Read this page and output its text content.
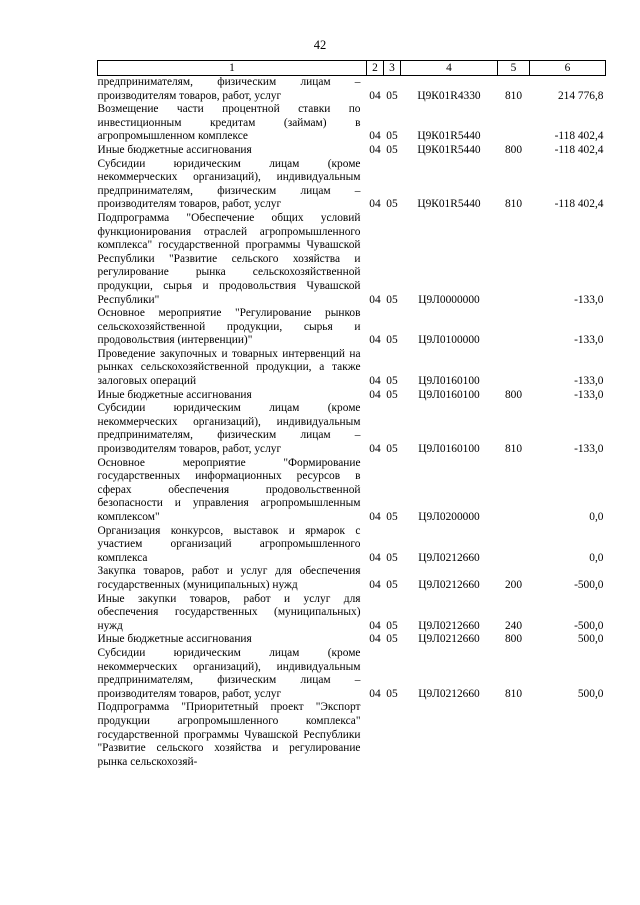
42
1	2	3	4	5	6
предпринимателям, физическим лицам – производителям товаров, работ, услуг	04	05	Ц9К01R4330	810	214 776,8
Возмещение части процентной ставки по инвестиционным кредитам (займам) в агропромышленном комплексе	04	05	Ц9К01R5440		-118 402,4
Иные бюджетные ассигнования	04	05	Ц9К01R5440	800	-118 402,4
Субсидии юридическим лицам (кроме некоммерческих организаций), индивидуальным предпринимателям, физическим лицам – производителям товаров, работ, услуг	04	05	Ц9К01R5440	810	-118 402,4
Подпрограмма "Обеспечение общих условий функционирования отраслей агропромышленного комплекса" государственной программы Чувашской Республики "Развитие сельского хозяйства и регулирование рынка сельскохозяйственной продукции, сырья и продовольствия Чувашской Республики"	04	05	Ц9Л0000000		-133,0
Основное мероприятие "Регулирование рынков сельскохозяйственной продукции, сырья и продовольствия (интервенции)"	04	05	Ц9Л0100000		-133,0
Проведение закупочных и товарных интервенций на рынках сельскохозяйственной продукции, а также залоговых операций	04	05	Ц9Л0160100		-133,0
Иные бюджетные ассигнования	04	05	Ц9Л0160100	800	-133,0
Субсидии юридическим лицам (кроме некоммерческих организаций), индивидуальным предпринимателям, физическим лицам – производителям товаров, работ, услуг	04	05	Ц9Л0160100	810	-133,0
Основное мероприятие "Формирование государственных информационных ресурсов в сферах обеспечения продовольственной безопасности и управления агропромышленным комплексом"	04	05	Ц9Л0200000		0,0
Организация конкурсов, выставок и ярмарок с участием организаций агропромышленного комплекса	04	05	Ц9Л0212660		0,0
Закупка товаров, работ и услуг для обеспечения государственных (муниципальных) нужд	04	05	Ц9Л0212660	200	-500,0
Иные закупки товаров, работ и услуг для обеспечения государственных (муниципальных) нужд	04	05	Ц9Л0212660	240	-500,0
Иные бюджетные ассигнования	04	05	Ц9Л0212660	800	500,0
Субсидии юридическим лицам (кроме некоммерческих организаций), индивидуальным предпринимателям, физическим лицам – производителям товаров, работ, услуг	04	05	Ц9Л0212660	810	500,0
Подпрограмма "Приоритетный проект "Экспорт продукции агропромышленного комплекса" государственной программы Чувашской Республики "Развитие сельского хозяйства и регулирование рынка сельскохозяй-					
